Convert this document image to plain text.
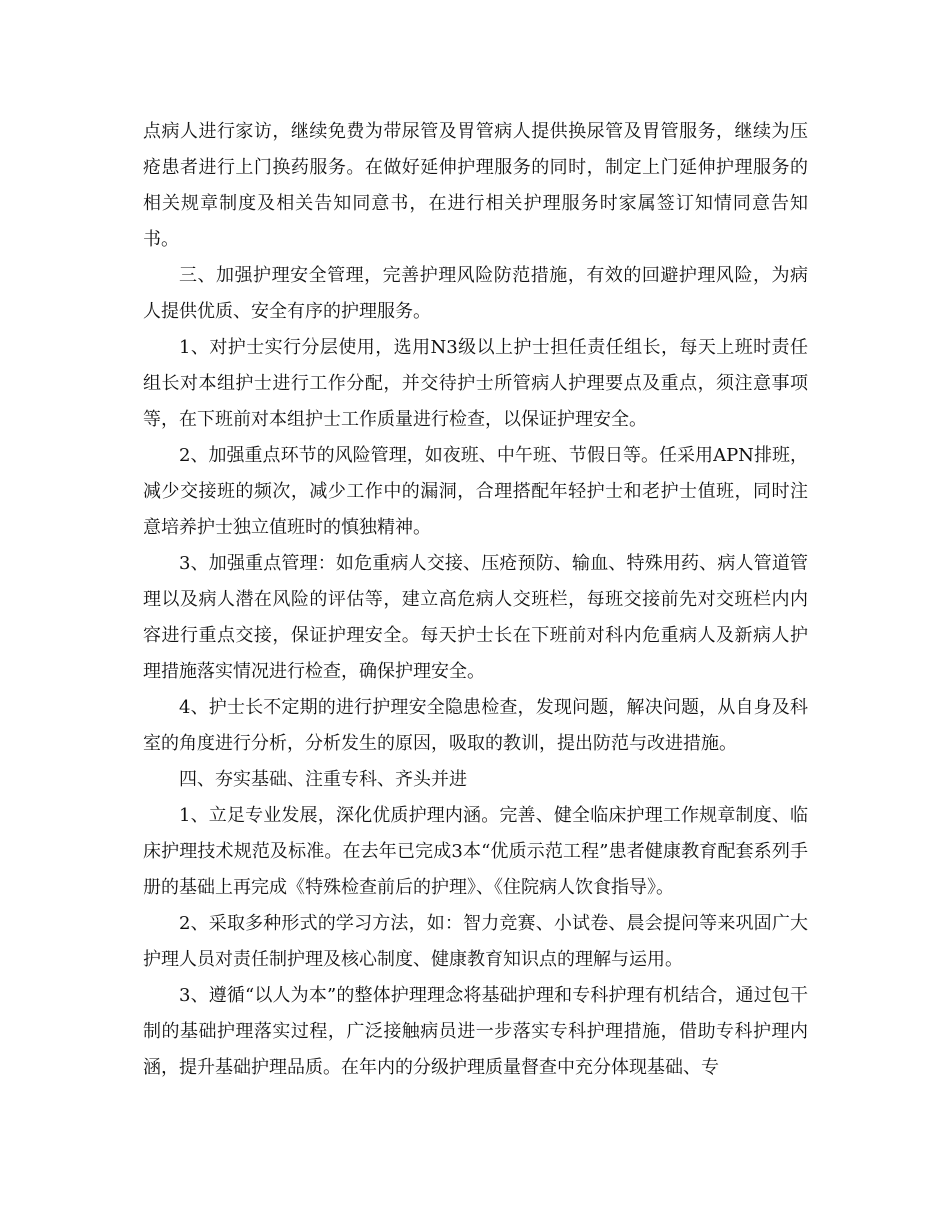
点病人进行家访，继续免费为带尿管及胃管病人提供换尿管及胃管服务，继续为压疮患者进行上门换药服务。在做好延伸护理服务的同时，制定上门延伸护理服务的相关规章制度及相关告知同意书，在进行相关护理服务时家属签订知情同意告知书。

三、加强护理安全管理，完善护理风险防范措施，有效的回避护理风险，为病人提供优质、安全有序的护理服务。

1、对护士实行分层使用，选用N3级以上护士担任责任组长，每天上班时责任组长对本组护士进行工作分配，并交待护士所管病人护理要点及重点，须注意事项等，在下班前对本组护士工作质量进行检查，以保证护理安全。

2、加强重点环节的风险管理，如夜班、中午班、节假日等。任采用APN排班，减少交接班的频次，减少工作中的漏洞，合理搭配年轻护士和老护士值班，同时注意培养护士独立值班时的慎独精神。

3、加强重点管理：如危重病人交接、压疮预防、输血、特殊用药、病人管道管理以及病人潜在风险的评估等，建立高危病人交班栏，每班交接前先对交班栏内内容进行重点交接，保证护理安全。每天护士长在下班前对科内危重病人及新病人护理措施落实情况进行检查，确保护理安全。

4、护士长不定期的进行护理安全隐患检查，发现问题，解决问题，从自身及科室的角度进行分析，分析发生的原因，吸取的教训，提出防范与改进措施。

四、夯实基础、注重专科、齐头并进

1、立足专业发展，深化优质护理内涵。完善、健全临床护理工作规章制度、临床护理技术规范及标准。在去年已完成3本“优质示范工程”患者健康教育配套系列手册的基础上再完成《特殊检查前后的护理》、《住院病人饮食指导》。

2、采取多种形式的学习方法，如：智力竞赛、小试卷、晨会提问等来巩固广大护理人员对责任制护理及核心制度、健康教育知识点的理解与运用。

3、遵循“以人为本”的整体护理理念将基础护理和专科护理有机结合，通过包干制的基础护理落实过程，广泛接触病员进一步落实专科护理措施，借助专科护理内涵，提升基础护理品质。在年内的分级护理质量督查中充分体现基础、专
